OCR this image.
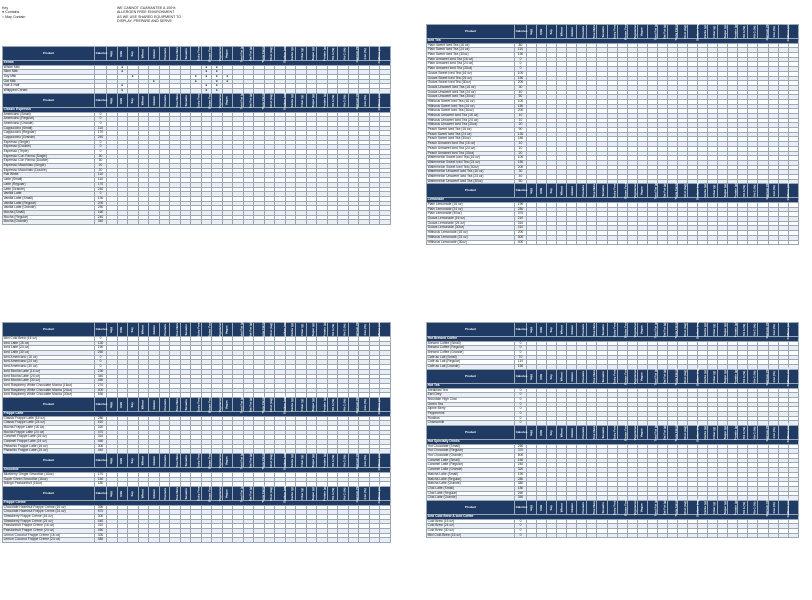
Key
● Contains
○ May Contain
WE CANNOT GUARANTEE A 100%
ALLERGEN FREE ENVIRONMENT
AS WE USE SHARED EQUIPMENT TO
DISPLAY, PREPARE AND SERVE
Product	Calories	Egg	Milk	Soy	Wheat	Gluten	Peanuts	Tree Nuts	Sesame	Dairy Free	Gluten Free	Vegetarian	Vegan	Total Fat (g)	Sat Fat (g)	Trans Fat (g)	Chol (mg)	Sodium (mg)	Carbs (g)	Fiber (g)	Sugar (g)	Protein (g)	Vit A (%)	Vit C (%)	Calcium (%)	Iron (%)	Caffeine (mg)	Potassium (mg)
Extras																												
Whole Milk			●								●	●																
Skim Milk			●								●	●																
Soy Milk				●						●	●	●	●															
Oat Milk						●				●		●	●															
Half & Half			●								●	●																
Whipped Cream			●								●	●																
Product	Calories	Egg	Milk	Soy	Wheat	Gluten	Peanuts	Tree Nuts	Sesame	Dairy Free	Gluten Free	Vegetarian	Vegan	Total Fat (g)	Sat Fat (g)	Trans Fat (g)	Chol (mg)	Sodium (mg)	Carbs (g)	Fiber (g)	Sugar (g)	Protein (g)	Vit A (%)	Vit C (%)	Calcium (%)	Iron (%)	Caffeine (mg)	Potassium (mg)
Classic Espresso																												
Americano (Small)	0																											
Americano (Regular)	0																											
Americano (Grande)	0																											
Cappuccino (Small)	110																											
Cappuccino (Regular)	170																											
Cappuccino (Grande)	240																											
Espresso (Single)	0																											
Espresso (Double)	0																											
Espresso (Triple)	0																											
Espresso Con Panna (Single)	30																											
Espresso Con Panna (Double)	30																											
Espresso Macchiato (Single)	20																											
Espresso Macchiato (Double)	20																											
Flat White	110																											
Latte (Small)	110																											
Latte (Regular)	170																											
Latte (Grande)	240																											
Vanilla Latte	0																											
Vanilla Latte (Small)	130																											
Vanilla Latte (Regular)	200																											
Vanilla Latte (Grande)	290																											
Mocha (Small)	160																											
Mocha (Regular)	240																											
Mocha (Grande)	340																											
Product	Calories	Egg	Milk	Soy	Wheat	Gluten	Peanuts	Tree Nuts	Sesame	Dairy Free	Gluten Free	Vegetarian	Vegan	Total Fat (g)	Sat Fat (g)	Trans Fat (g)	Chol (mg)	Sodium (mg)	Carbs (g)	Fiber (g)	Sugar (g)	Protein (g)	Vit A (%)	Vit C (%)	Calcium (%)	Iron (%)	Caffeine (mg)	Potassium (mg)
Iced Tea																												
Plain Sweet Iced Tea (16 oz)	80																											
Plain Sweet Iced Tea (24 oz)	110																											
Plain Sweet Iced Tea (30oz)	150																											
Plain Unsweet Iced Tea (16 oz)	0																											
Plain Unsweet Iced Tea (24 oz)	0																											
Plain Unsweet Iced Tea (30oz)	0																											
Guava Sweet Iced Tea (16 oz)	100																											
Guava Sweet Iced Tea (24 oz)	150																											
Guava Sweet Iced Tea (30oz)	200																											
Guava Unsweet Iced Tea (16 oz)	30																											
Guava Unsweet Iced Tea (24 oz)	40																											
Guava Unsweet Iced Tea (30oz)	50																											
Hibiscus Sweet Iced Tea (16 oz)	100																											
Hibiscus Sweet Iced Tea (24 oz)	150																											
Hibiscus Sweet Iced Tea (30oz)	200																											
Hibiscus Unsweet Iced Tea (16 oz)	10																											
Hibiscus Unsweet Iced Tea (24 oz)	10																											
Hibiscus Unsweet Iced Tea (30oz)	20																											
Peach Sweet Iced Tea (16 oz)	90																											
Peach Sweet Iced Tea (24 oz)	130																											
Peach Sweet Iced Tea (30oz)	180																											
Peach Unsweet Iced Tea (16 oz)	10																											
Peach Unsweet Iced Tea (24 oz)	10																											
Peach Unsweet Iced Tea (30oz)	20																											
Watermelon Sweet Iced Tea (16 oz)	100																											
Watermelon Sweet Iced Tea (24 oz)	150																											
Watermelon Sweet Iced Tea (30oz)	200																											
Watermelon Unsweet Iced Tea (16 oz)	30																											
Watermelon Unsweet Iced Tea (24 oz)	40																											
Watermelon Unsweet Iced Tea (30oz)	50																											
Product	Calories	Egg	Milk	Soy	Wheat	Gluten	Peanuts	Tree Nuts	Sesame	Dairy Free	Gluten Free	Vegetarian	Vegan	Total Fat (g)	Sat Fat (g)	Trans Fat (g)	Chol (mg)	Sodium (mg)	Carbs (g)	Fiber (g)	Sugar (g)	Protein (g)	Vit A (%)	Vit C (%)	Calcium (%)	Iron (%)	Caffeine (mg)	Potassium (mg)
Lemonade																												
Plain Lemonade (16 oz)	190																											
Plain Lemonade (24 oz)	280																											
Plain Lemonade (30oz)	370																											
Guava Lemonade (16 oz)	210																											
Guava Lemonade (24 oz)	310																											
Guava Lemonade (30oz)	410																											
Hibiscus Lemonade (16 oz)	200																											
Hibiscus Lemonade (24 oz)	300																											
Hibiscus Lemonade (30oz)	400																											
Product	Calories	Egg	Milk	Soy	Wheat	Gluten	Peanuts	Tree Nuts	Sesame	Dairy Free	Gluten Free	Vegetarian	Vegan	Total Fat (g)	Sat Fat (g)	Trans Fat (g)	Chol (mg)	Sodium (mg)	Carbs (g)	Fiber (g)	Sugar (g)	Protein (g)	Vit A (%)	Vit C (%)	Calcium (%)	Iron (%)	Caffeine (mg)	Potassium (mg)
Mini Cold Brew (16 oz)	0																											
Iced Latte (16 oz)	130																											
Iced Latte (24 oz)	190																											
Iced Latte (30 oz)	260																											
Iced Americano (16 oz)	0																											
Iced Americano (24 oz)	0																											
Iced Americano (30 oz)	0																											
Iced Mocha Latte (16 oz)	230																											
Iced Mocha Latte (24 oz)	340																											
Iced Mocha Latte (30 oz)	450																											
Iced Raspberry White Chocolate Mocha (16oz)	270																											
Iced Raspberry White Chocolate Mocha (24oz)	400																											
Iced Raspberry White Chocolate Mocha (30oz)	530																											
Product	Calories	Egg	Milk	Soy	Wheat	Gluten	Peanuts	Tree Nuts	Sesame	Dairy Free	Gluten Free	Vegetarian	Vegan	Total Fat (g)	Sat Fat (g)	Trans Fat (g)	Chol (mg)	Sodium (mg)	Carbs (g)	Fiber (g)	Sugar (g)	Protein (g)	Vit A (%)	Vit C (%)	Calcium (%)	Iron (%)	Caffeine (mg)	Potassium (mg)
Frappe Latte																												
Classic Frappe Latte (16 oz)	280																											
Classic Frappe Latte (24 oz)	410																											
Mocha Frappe Latte (16 oz)	320																											
Mocha Frappe Latte (24 oz)	470																											
Caramel Frappe Latte (16 oz)	310																											
Caramel Frappe Latte (24 oz)	460																											
Pistachio Frappe Latte (16 oz)	300																											
Pistachio Frappe Latte (24 oz)	440																											
Product	Calories	Egg	Milk	Soy	Wheat	Gluten	Peanuts	Tree Nuts	Sesame	Dairy Free	Gluten Free	Vegetarian	Vegan	Total Fat (g)	Sat Fat (g)	Trans Fat (g)	Chol (mg)	Sodium (mg)	Carbs (g)	Fiber (g)	Sugar (g)	Protein (g)	Vit A (%)	Vit C (%)	Calcium (%)	Iron (%)	Caffeine (mg)	Potassium (mg)
Smoothie																												
Blueberry Ginger Smoothie (16oz)	170																											
Super Green Smoothie (16oz)	150																											
Mango Passionfruit (16oz)	180																											
Product	Calories	Egg	Milk	Soy	Wheat	Gluten	Peanuts	Tree Nuts	Sesame	Dairy Free	Gluten Free	Vegetarian	Vegan	Total Fat (g)	Sat Fat (g)	Trans Fat (g)	Chol (mg)	Sodium (mg)	Carbs (g)	Fiber (g)	Sugar (g)	Protein (g)	Vit A (%)	Vit C (%)	Calcium (%)	Iron (%)	Caffeine (mg)	Potassium (mg)
Frappe Crème																												
Chocolate Hazelnut Frappe Crème (16 oz)	390																											
Chocolate Hazelnut Frappe Crème (24 oz)	570																											
Strawberry Frappe Crème (16 oz)	300																											
Strawberry Frappe Crème (24 oz)	440																											
Passionfruit Frappe Crème (16 oz)	310																											
Passionfruit Frappe Crème (24 oz)	450																											
Lemon Coconut Frappe Crème (16 oz)	330																											
Lemon Coconut Frappe Crème (24 oz)	480																											
Product	Calories	Egg	Milk	Soy	Wheat	Gluten	Peanuts	Tree Nuts	Sesame	Dairy Free	Gluten Free	Vegetarian	Vegan	Total Fat (g)	Sat Fat (g)	Trans Fat (g)	Chol (mg)	Sodium (mg)	Carbs (g)	Fiber (g)	Sugar (g)	Protein (g)	Vit A (%)	Vit C (%)	Calcium (%)	Iron (%)	Caffeine (mg)	Potassium (mg)
Hot Brewed Coffee																												
Brewed Coffee (Small)	0																											
Brewed Coffee (Regular)	0																											
Brewed Coffee (Grande)	0																											
Café au Lait (Small)	70																											
Café au Lait (Regular)	110																											
Café au Lait (Grande)	150																											
Product	Calories	Egg	Milk	Soy	Wheat	Gluten	Peanuts	Tree Nuts	Sesame	Dairy Free	Gluten Free	Vegetarian	Vegan	Total Fat (g)	Sat Fat (g)	Trans Fat (g)	Chol (mg)	Sodium (mg)	Carbs (g)	Fiber (g)	Sugar (g)	Protein (g)	Vit A (%)	Vit C (%)	Calcium (%)	Iron (%)	Caffeine (mg)	Potassium (mg)
Hot Tea																												
Breakfast Tea	0																											
Earl Grey	0																											
Mountain High Chai	0																											
Green Tea	0																											
Alpine Berry	0																											
Peppermint	0																											
Rooibos	0																											
Chamomile	0																											
Product	Calories	Egg	Milk	Soy	Wheat	Gluten	Peanuts	Tree Nuts	Sesame	Dairy Free	Gluten Free	Vegetarian	Vegan	Total Fat (g)	Sat Fat (g)	Trans Fat (g)	Chol (mg)	Sodium (mg)	Carbs (g)	Fiber (g)	Sugar (g)	Protein (g)	Vit A (%)	Vit C (%)	Calcium (%)	Iron (%)	Caffeine (mg)	Potassium (mg)
Hot Specialty Drinks																												
Hot Chocolate (Small)	250																											
Hot Chocolate (Regular)	370																											
Hot Chocolate (Grande)	500																											
Caramel Latte (Small)	160																											
Caramel Latte (Regular)	240																											
Caramel Latte (Grande)	320																											
Matcha Latte (Small)	190																											
Matcha Latte (Regular)	280																											
Matcha Latte (Grande)	380																											
Chai Latte (Small)	180																											
Chai Latte (Regular)	260																											
Chai Latte (Grande)	350																											
Product	Calories	Egg	Milk	Soy	Wheat	Gluten	Peanuts	Tree Nuts	Sesame	Dairy Free	Gluten Free	Vegetarian	Vegan	Total Fat (g)	Sat Fat (g)	Trans Fat (g)	Chol (mg)	Sodium (mg)	Carbs (g)	Fiber (g)	Sugar (g)	Protein (g)	Vit A (%)	Vit C (%)	Calcium (%)	Iron (%)	Caffeine (mg)	Potassium (mg)
Iced Cold Brew & Iced Coffee																												
Cold Brew (16 oz)	0																											
Cold Brew (24 oz)	0																											
Cold Brew (30 oz)	0																											
Mini Cold Brew (16 oz)	0																											
